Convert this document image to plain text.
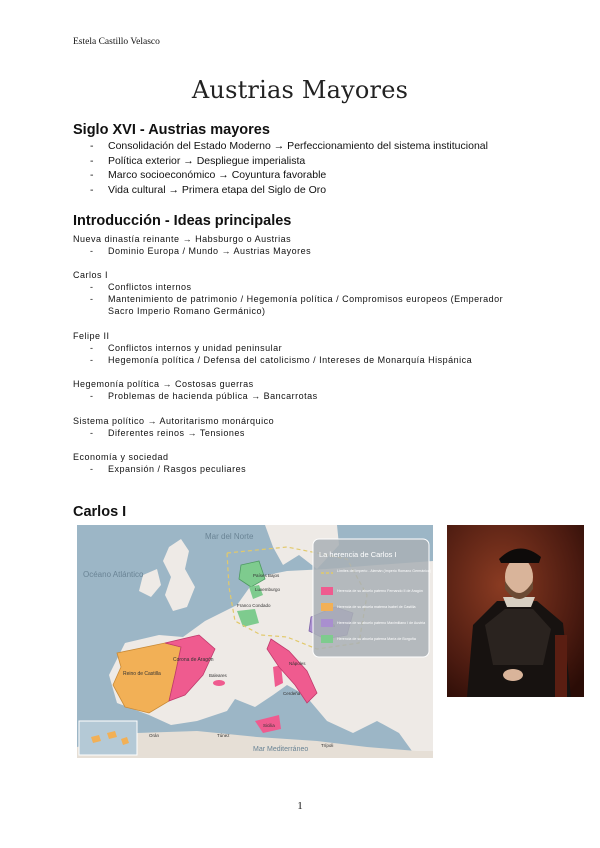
Estela Castillo Velasco
Austrias Mayores
Siglo XVI - Austrias mayores
- Consolidación del Estado Moderno → Perfeccionamiento del sistema institucional
- Política exterior → Despliegue imperialista
- Marco socioeconómico → Coyuntura favorable
- Vida cultural → Primera etapa del Siglo de Oro
Introducción - Ideas principales
Nueva dinastía reinante → Habsburgo o Austrias
- Dominio Europa / Mundo → Austrias Mayores
Carlos I
- Conflictos internos
- Mantenimiento de patrimonio / Hegemonía política / Compromisos europeos (Emperador
Sacro Imperio Romano Germánico)
Felipe II
- Conflictos internos y unidad peninsular
- Hegemonía política / Defensa del catolicismo / Intereses de Monarquía Hispánica
Hegemonía política → Costosas guerras
- Problemas de hacienda pública → Bancarrotas
Sistema político → Autoritarismo monárquico
- Diferentes reinos → Tensiones
Economía y sociedad
- Expansión / Rasgos peculiares
Carlos I
Mar del Norte
Océano Atlántico
Mar Mediterráneo
Países Bajos
Luxemburgo
Franco Condado
Reino de Castilla
Corona de Aragón
Baleares
Nápoles
Cerdeña
Sicilia
Orán	Túnez
Trípoli
La herencia de Carlos I
Límites del Imperio - Alemán (Imperio Romano Germánico)
Herencia de su abuelo paterno Fernando II de Aragón
Herencia de su abuela materna Isabel de Castilla
Herencia de su abuelo paterno Maximiliano I de Austria
Herencia de su abuela paterna María de Borgoña
1
